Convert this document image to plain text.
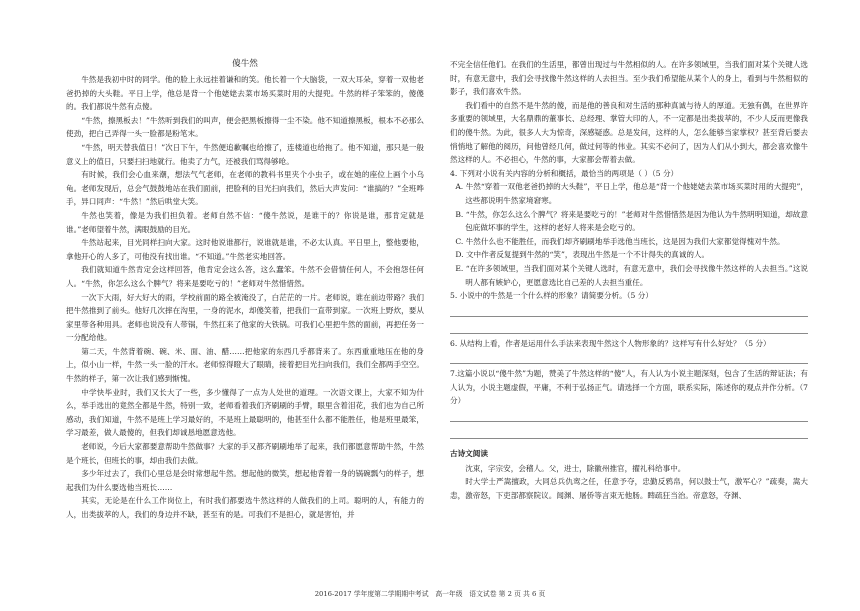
傻牛然

牛然是我初中时的同学。他的脸上永远挂着谦和的笑。他长着一个大脑袋，一双大耳朵，穿着一双他老爸扔掉的大头鞋。平日上学，他总是背一个他姥姥去菜市场买菜时用的大提兜。牛然的样子笨笨的，傻傻的。我们都说牛然有点傻。

“牛然，擦黑板去！”牛然听到我们的叫声，便会把黑板擦得一尘不染。他不知道擦黑板，根本不必那么使劲，把白己弄得一头一脸都是粉笔末。

“牛然，明天替我值日！”次日下午，牛然便追歉嘱也给擦了，连楼道也给拖了。他不知道，那只是一般意义上的值日，只要扫扫地就行。他卖了力气，还被我们骂得够呛。

有时候，我们会心血来潮，想法气气老师，在老师的教科书里夹个小虫子，或在她的座位上画个小乌龟。老师发现后，总会气鼓鼓地站在我们面前，把脸利的目光扫向我们，然后大声发问：“谁搞的？”全班哗手，异口同声：“牛然！”然后哄堂大笑。

牛然也笑着，像是为我们担负着。老师自然不信：“傻牛然说，是谁干的？你说是谁，那肯定就是谁。”老师望着牛然，满眼鼓励的目光。

牛然站起来，目光同样扫向大家。这时他说谁都行，说谁就是谁，不必太认真。平日里上，整他要他，拿他开心的人多了，可他没有找出谁。“不知道。”牛然老实地回答。

我们就知道牛然肯定会这样回答，他肯定会这么答，这么蠢笨。牛然不会借情任何人，不会抱怨任何人。“牛然，你怎么这么个脾气？将来是要吃亏的！”老师对牛然惜惜然。

一次下大雨，好大好大的雨，学校前面的路全被淹没了，白茫茫的一片。老师说，谁在前边带路？我们把牛然推到了前头。他好几次摔在沟里，一身的泥水，却傻笑着，把我们一直带到家。一次班上野炊，要从家里带各种用具。老师也说没有人带锅，牛然扛来了他家的大铁锅。可我们心里把牛然的面前，再把任务一一分配给他。

第二天，牛然背着碗、碗、米、面、油、醋……把他家的东西几乎都背来了。东西重重地压在他的身上，似小山一样，牛然一头一脸的汗水。老师惊得瞪大了眼睛，接着把目光扫向我们，我们全都两手空空。牛然的样子，第一次让我们感到惭愧。

中学快毕业时，我们又长大了一些，多少懂得了一点为人处世的道理。一次语文课上，大家不知为什么，举手选出的竟然全都是牛然，特别一致，老师看着我们齐刷刷的手臂，眼里含着泪花，我们也为自己所感动，我们知道，牛然不是班上学习最好的，不是班上最聪明的，他甚至什么都不能胜任，他是班里最笨，学习最差，做人最傻的，但我们却诚恳地愿意选他。

老师说，今后大家都要意帮助牛然做事？大家的手又都齐刷刷地举了起来，我们都愿意帮助牛然，牛然是个班长，但班长的事，却由我们去做。

多少年过去了，我们心里总是会时常想起牛然。想起他的微笑，想起他背着一身的锅碗瓢勺的样子，想起我们为什么要选他当班长……

其实，无论是在什么工作岗位上，有时我们都要选牛然这样的人做我们的上司。聪明的人，有能力的人，出类拔萃的人，我们的身边并不缺，甚至有的是。可我们不是担心，就是害怕，并

不完全信任他们。在我们的生活里，都曾出现过与牛然相似的人。在许多领域里，当我们面对某个关键人选时，有意无意中，我们会寻找像牛然这样的人去担当。至少我们希望能从某个人的身上，看到与牛然相似的影子，我们喜欢牛然。

我们看中的自然不是牛然的傻，而是他的善良和对生活的那种真诚与待人的厚道。无独有偶，在世界许多重要的领域里，大名鼎鼎的董事长、总经理、掌管大印的人，不一定都是出类拔萃的，不少人反而更像我们的傻牛然。为此，很多人大为惊奇，深感疑惑。总是发问，这样的人，怎么能够当家掌权？甚至背后要去悄悄地了解他的阅历，问他曾经几何，做过何等的伟业。其实不必问了，因为人们从小到大，都会喜欢像牛然这样的人。不必担心，牛然的事，大家都会帮着去做。

4. 下列对小说有关内容的分析和概括，最恰当的两项是（ ）（5 分）

A. 牛然“穿着一双他老爸扔掉的大头鞋”，平日上学，他总是“背一个他姥姥去菜市场买菜时用的大提兜”，这些都说明牛然家境窘寒。

B. “牛然，你怎么这么个脾气？将来是要吃亏的！”老师对牛然惜惜然是因为他认为牛然明明知道，却故意包庇做坏事的学生，这样的老好人将来是会吃亏的。

C. 牛然什么也不能胜任，而我们却齐刷刷地举手选他当班长，这是因为我们大家都觉得愧对牛然。

D. 文中作者反复提到牛然的“笑”，表现出牛然是一个不计得失的真诚的人。

E. “在许多领域里，当我们面对某个关键人选时，有意无意中，我们会寻找像牛然这样的人去担当。”这说明人都有嫉妒心，更愿意选比自己差的人去担当重任。

5. 小说中的牛然是一个什么样的形象？请简要分析。（5 分）

6. 从结构上看，作者是运用什么手法来表现牛然这个人物形象的？这样写有什么好处？（5 分）

7.这篇小说以“傻牛然”为题，赞美了牛然这样的“傻”人，有人认为小说主题深刻，包含了生活的辩证法；有人认为，小说主题虚假，平庸，不利于弘扬正气。请选择一个方面，联系实际，陈述你的观点并作分析。（7 分）

古诗文阅读

沈束，字宗安，会稽人。父，进士，除徽州推官，擢礼科给事中。

时大学士严嵩擅政，大同总兵仇鸾之任，任意予夺，忠勤反鸦帛，何以鼓士气，激军心？”疏奏，嵩大恚，激帝怒，下吏部都察院议。闻渊、屠侨等言束无他肠。睥疏狂当治。帝意怒，夺渊、

2016-2017 学年度第二学期期中考试　高一年级　语文试卷 第 2 页 共 6 页
